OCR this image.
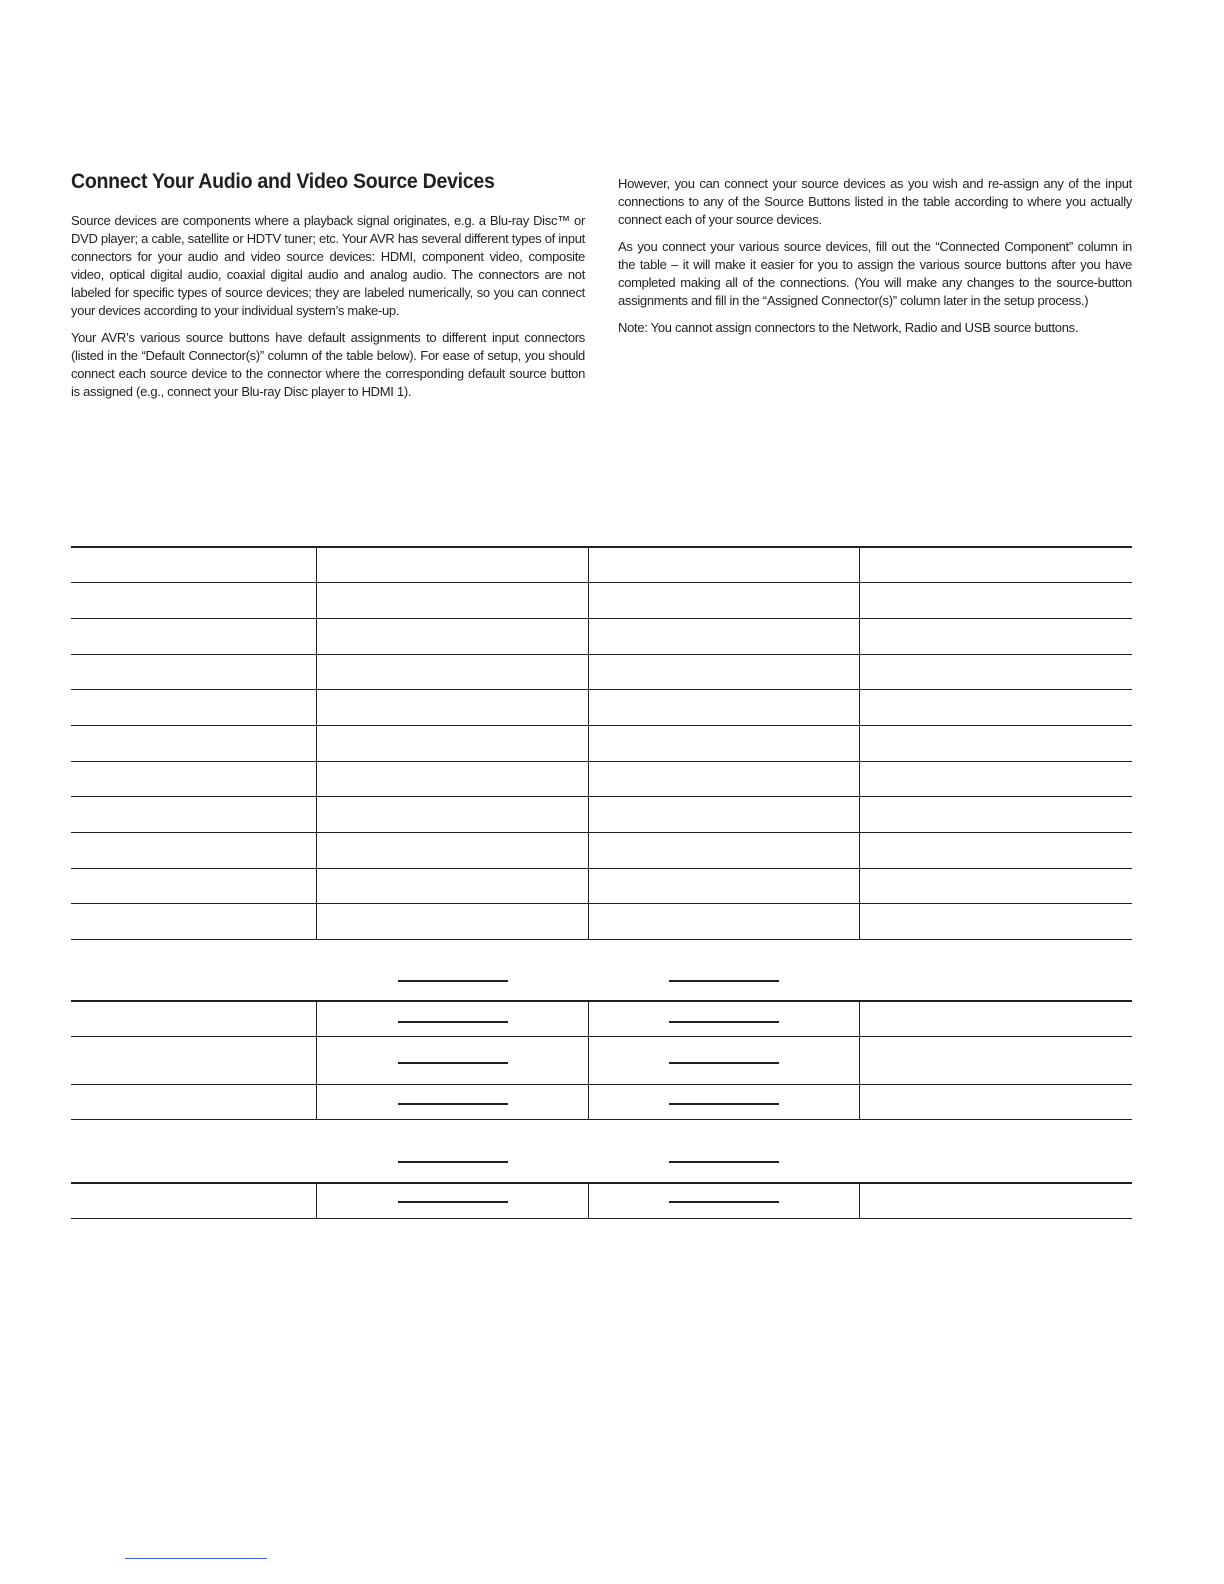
Connect Your Audio and Video Source Devices

Source devices are components where a playback signal originates, e.g. a Blu-ray Disc™ or DVD player; a cable, satellite or HDTV tuner; etc. Your AVR has several different types of input connectors for your audio and video source devices: HDMI, component video, composite video, optical digital audio, coaxial digital audio and analog audio. The connectors are not labeled for specific types of source devices; they are labeled numerically, so you can connect your devices according to your individual system’s make-up.

Your AVR’s various source buttons have default assignments to different input connectors (listed in the “Default Connector(s)” column of the table below). For ease of setup, you should connect each source device to the connector where the corresponding default source button is assigned (e.g., connect your Blu-ray Disc player to HDMI 1).

However, you can connect your source devices as you wish and re-assign any of the input connections to any of the Source Buttons listed in the table according to where you actually connect each of your source devices.

As you connect your various source devices, fill out the “Connected Component” column in the table – it will make it easier for you to assign the various source buttons after you have completed making all of the connections. (You will make any changes to the source-button assignments and fill in the “Assigned Connector(s)” column later in the setup process.)

Note: You cannot assign connectors to the Network, Radio and USB source buttons.
